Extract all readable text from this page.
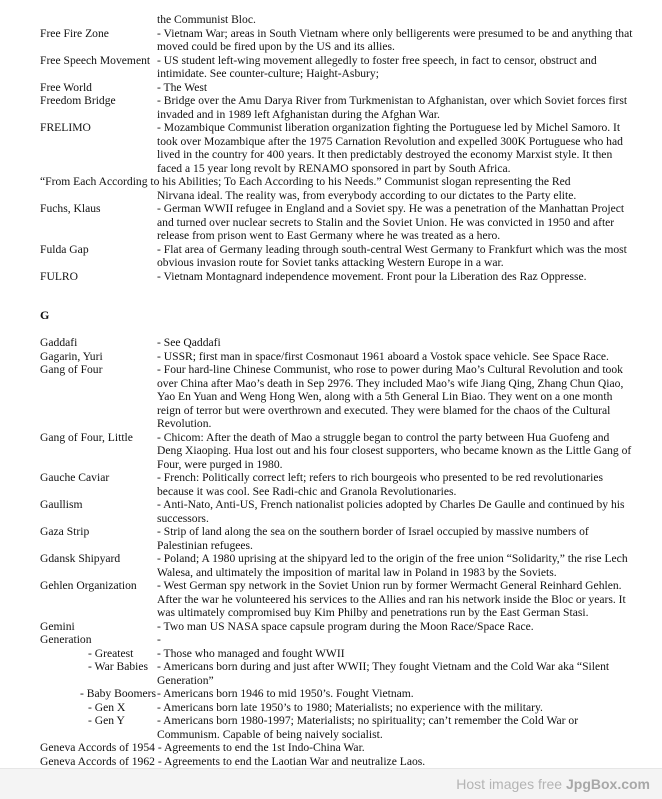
the Communist Bloc.
Free Fire Zone	- Vietnam War; areas in South Vietnam where only belligerents were presumed to be and anything that moved could be fired upon by the US and its allies.
Free Speech Movement - US student left-wing movement allegedly to foster free speech, in fact to censor, obstruct and intimidate. See counter-culture; Haight-Asbury;
Free World	- The West
Freedom Bridge	- Bridge over the Amu Darya River from Turkmenistan to Afghanistan, over which Soviet forces first invaded and in 1989 left Afghanistan during the Afghan War.
FRELIMO	- Mozambique Communist liberation organization fighting the Portuguese led by Michel Samoro. It took over Mozambique after the 1975 Carnation Revolution and expelled 300K Portuguese who had lived in the country for 400 years. It then predictably destroyed the economy Marxist style. It then faced a 15 year long revolt by RENAMO sponsored in part by South Africa.
“From Each According to his Abilities; To Each According to his Needs.” Communist slogan representing the Red
Nirvana ideal. The reality was, from everybody according to our dictates to the Party elite.
Fuchs, Klaus	- German WWII refugee in England and a Soviet spy. He was a penetration of the Manhattan Project and turned over nuclear secrets to Stalin and the Soviet Union. He was convicted in 1950 and after release from prison went to East Germany where he was treated as a hero.
Fulda Gap	- Flat area of Germany leading through south-central West Germany to Frankfurt which was the most obvious invasion route for Soviet tanks attacking Western Europe in a war.
FULRO	- Vietnam Montagnard independence movement. Front pour la Liberation des Raz Oppresse.
G
Gaddafi	- See Qaddafi
Gagarin, Yuri	- USSR; first man in space/first Cosmonaut 1961 aboard a Vostok space vehicle. See Space Race.
Gang of Four	- Four hard-line Chinese Communist, who rose to power during Mao’s Cultural Revolution and took over China after Mao’s death in Sep 2976. They included Mao’s wife Jiang Qing, Zhang Chun Qiao, Yao En Yuan and Weng Hong Wen, along with a 5th General Lin Biao. They went on a one month reign of terror but were overthrown and executed. They were blamed for the chaos of the Cultural Revolution.
Gang of Four, Little - Chicom: After the death of Mao a struggle began to control the party between Hua Guofeng and Deng Xiaoping. Hua lost out and his four closest supporters, who became known as the Little Gang of Four, were purged in 1980.
Gauche Caviar	- French: Politically correct left; refers to rich bourgeois who presented to be red revolutionaries because it was cool. See Radi-chic and Granola Revolutionaries.
Gaullism	- Anti-Nato, Anti-US, French nationalist policies adopted by Charles De Gaulle and continued by his successors.
Gaza Strip	- Strip of land along the sea on the southern border of Israel occupied by massive numbers of Palestinian refugees.
Gdansk Shipyard	- Poland; A 1980 uprising at the shipyard led to the origin of the free union “Solidarity,” the rise Lech Walesa, and ultimately the imposition of marital law in Poland in 1983 by the Soviets.
Gehlen Organization - West German spy network in the Soviet Union run by former Wermacht General Reinhard Gehlen. After the war he volunteered his services to the Allies and ran his network inside the Bloc or years. It was ultimately compromised buy Kim Philby and penetrations run by the East German Stasi.
Gemini	- Two man US NASA space capsule program during the Moon Race/Space Race.
Generation	-
- Greatest - Those who managed and fought WWII
- War Babies - Americans born during and just after WWII; They fought Vietnam and the Cold War aka “Silent Generation”
- Baby Boomers - Americans born 1946 to mid 1950’s. Fought Vietnam.
- Gen X	- Americans born late 1950’s to 1980; Materialists; no experience with the military.
- Gen Y	- Americans born 1980-1997; Materialists; no spirituality; can’t remember the Cold War or Communism. Capable of being naively socialist.
Geneva Accords of 1954 - Agreements to end the 1st Indo-China War.
Geneva Accords of 1962 - Agreements to end the Laotian War and neutralize Laos.
Host images free JpgBox.com
